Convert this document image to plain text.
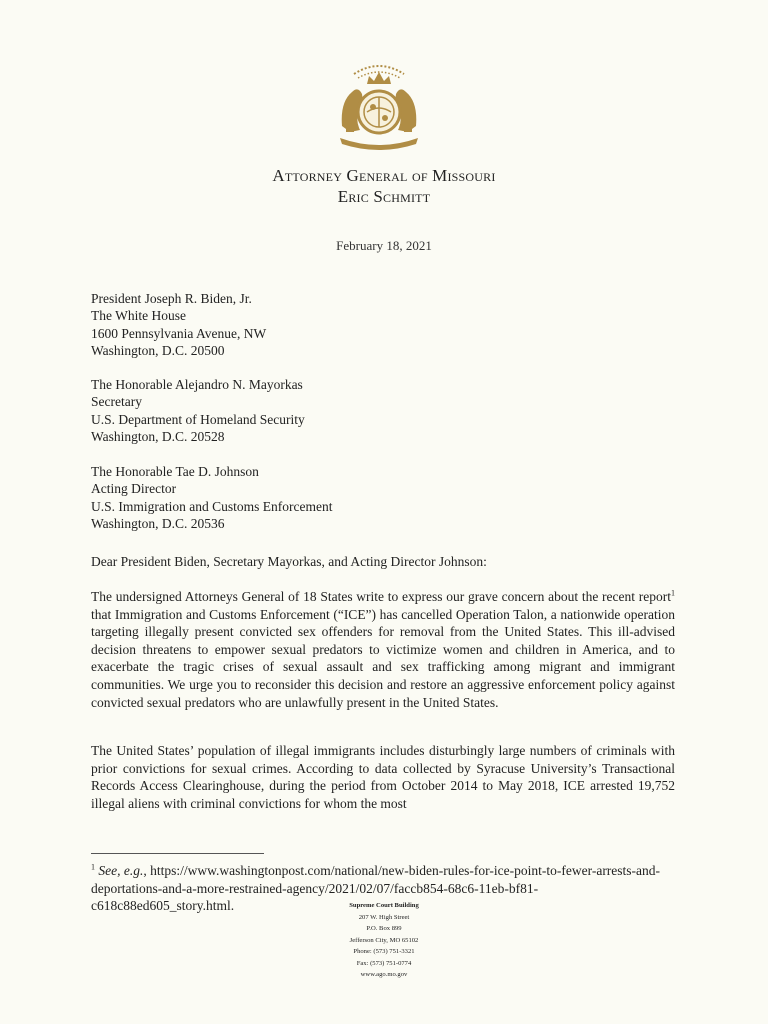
Attorney General of Missouri
Eric Schmitt
February 18, 2021
President Joseph R. Biden, Jr.
The White House
1600 Pennsylvania Avenue, NW
Washington, D.C. 20500
The Honorable Alejandro N. Mayorkas
Secretary
U.S. Department of Homeland Security
Washington, D.C. 20528
The Honorable Tae D. Johnson
Acting Director
U.S. Immigration and Customs Enforcement
Washington, D.C. 20536
Dear President Biden, Secretary Mayorkas, and Acting Director Johnson:
The undersigned Attorneys General of 18 States write to express our grave concern about the recent report$^1$ that Immigration and Customs Enforcement (“ICE”) has cancelled Operation Talon, a nationwide operation targeting illegally present convicted sex offenders for removal from the United States. This ill-advised decision threatens to empower sexual predators to victimize women and children in America, and to exacerbate the tragic crises of sexual assault and sex trafficking among migrant and immigrant communities. We urge you to reconsider this decision and restore an aggressive enforcement policy against convicted sexual predators who are unlawfully present in the United States.
The United States’ population of illegal immigrants includes disturbingly large numbers of criminals with prior convictions for sexual crimes. According to data collected by Syracuse University’s Transactional Records Access Clearinghouse, during the period from October 2014 to May 2018, ICE arrested 19,752 illegal aliens with criminal convictions for whom the most
$^1$ See, e.g., https://www.washingtonpost.com/national/new-biden-rules-for-ice-point-to-fewer-arrests-and-deportations-and-a-more-restrained-agency/2021/02/07/faccb854-68c6-11eb-bf81-c618c88ed605_story.html.	Supreme Court Building
207 W. High Street
P.O. Box 899
Jefferson City, MO 65102
Phone: (573) 751-3321
Fax: (573) 751-0774
www.ago.mo.gov
